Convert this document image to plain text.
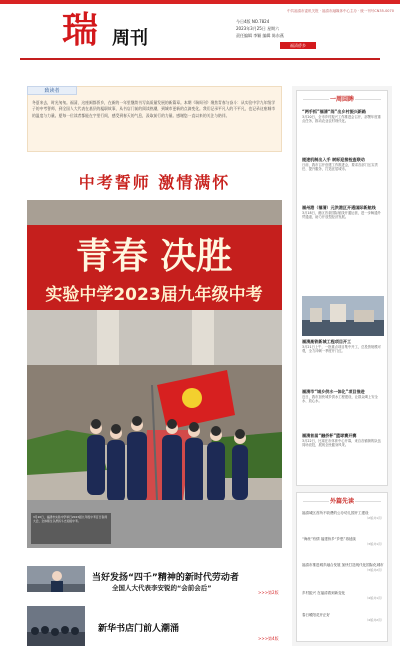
中共福清市委机关报 · 福清市融媒体中心主办 · 统一刊号CN35-0070
瑞 周刊
今日4版 NO.7824
2023年3月25日 星期六
责任编辑 李颖 编辑 陈东燕
福清侨乡
致读者
冬夏来去，时光匆匆。福清，这座闽都侨乡，在新的一年里继续书写高质量发展的新篇章。本期《瑞周刊》聚焦青春与奋斗：从实验中学九年级学子的中考誓师，到全国人大代表在基层的履职故事，从书店门前的阅读热潮，到城市更新的点滴变化。我们记录平凡人的不平凡，也记录这座城市的温度与力量。愿每一位读者都能在字里行间，感受到春天的气息，汲取前行的力量。感谢您一直以来的关注与陪伴。
中考誓师 激情满怀
青春 决胜
实验中学2023届九年级中考
3月20日，福清市实验中学举行2023届九年级中考百日誓师大会，全体师生以昂扬斗志迎接中考。
当好发扬“四千”精神的新时代劳动者
全国人大代表李安锐的“会前会后”
>>>第2版
新华书店门前人潮涌
>>>第4版
一周回眸
“两手抓”福清“闯”出乡村振兴新路
3月20日，全市乡村振兴工作推进会召开，部署年度重点任务，推动农业农村现代化。
提速机制出入手 树标迎接检查联动
日前，我市召开创建工作推进会，要求各部门压实责任、提升服务，打造宜居城市。
福州港（福清）元洪港区开通国际新航线
3月18日，港区首条国际航线开通运营，进一步畅通外贸通道，助力开放型经济发展。
福清高铁新城工程项目开工
3月21日上午，一批重点项目集中开工，总投资规模可观，全力冲刺一季度开门红。
福清市“城乡供水一体化”项目推进
近日，我市加快城乡供水工程建设，让群众喝上安全水、放心水。
福清首届“融侨杯”篮球赛开赛
3月22日，比赛在市体育中心开幕，来自各镇街的队伍同场竞技，展现全民健身风采。
外篇先读
福清城区首所不收费的公办幼儿园开工建设
（2版共1页）
“海丝”有情 福建侨乡“乡愁”再延续
（3版共1页）
福清市推进城乡融合发展 加快打造现代化国际化城市
（3版共2页）
乡村振兴 在福清看到新变化
（4版共1页）
春日暖阳花开正好
（4版共2页）
